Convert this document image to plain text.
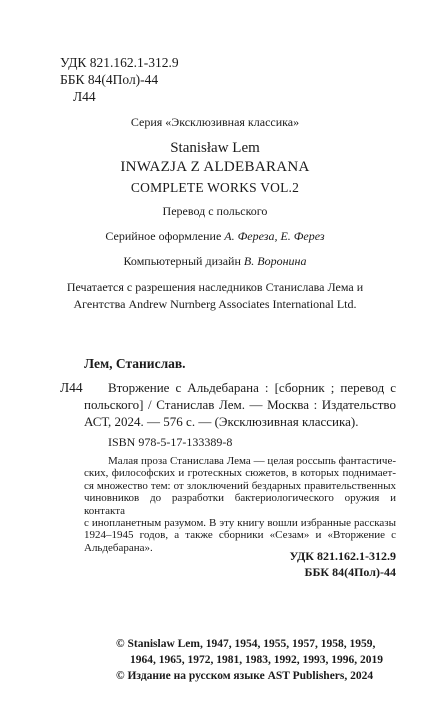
УДК 821.162.1-312.9
ББК 84(4Пол)-44
Л44
Серия «Эксклюзивная классика»
Stanisław Lem
INWAZJA Z ALDEBARANA
COMPLETE WORKS VOL.2
Перевод с польского
Серийное оформление А. Фереза, Е. Ферез
Компьютерный дизайн В. Воронина
Печатается с разрешения наследников Станислава Лема и
Агентства Andrew Nurnberg Associates International Ltd.
Лем, Станислав.
Л44 Вторжение с Альдебарана : [сборник ; перевод с
польского] / Станислав Лем. — Москва : Издательство
АСТ, 2024. — 576 с. — (Эксклюзивная классика).
ISBN 978-5-17-133389-8
Малая проза Станислава Лема — целая россыпь фантастиче-
ских, философских и гротескных сюжетов, в которых поднимает-
ся множество тем: от злоключений бездарных правительственных
чиновников до разработки бактериологического оружия и контакта
с инопланетным разумом. В эту книгу вошли избранные рассказы
1924–1945 годов, а также сборники «Сезам» и «Вторжение с
Альдебарана».
УДК 821.162.1-312.9
ББК 84(4Пол)-44
© Stanislaw Lem, 1947, 1954, 1955, 1957, 1958, 1959,
1964, 1965, 1972, 1981, 1983, 1992, 1993, 1996, 2019
© Издание на русском языке AST Publishers, 2024
